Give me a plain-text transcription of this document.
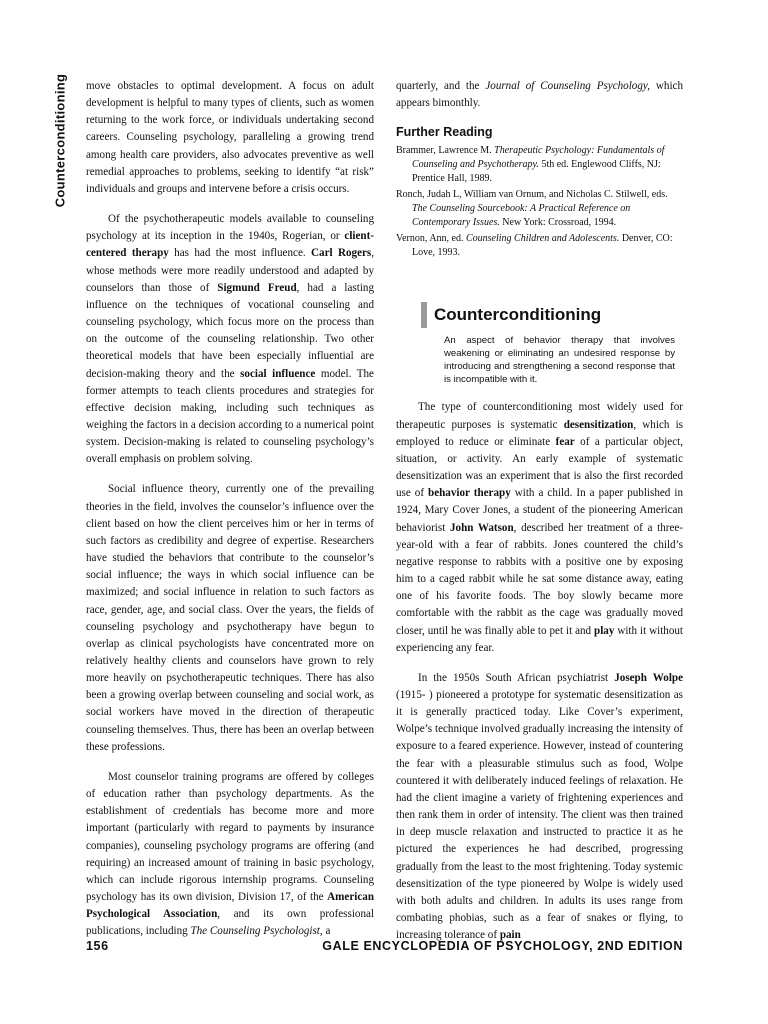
Counterconditioning move obstacles to optimal development. A focus on adult development is helpful to many types of clients, such as women returning to the work force, or individuals undertaking second careers. Counseling psychology, paralleling a growing trend among health care providers, also advocates preventive as well remedial approaches to problems, seeking to identify “at risk” individuals and groups and intervene before a crisis occurs.

Of the psychotherapeutic models available to counseling psychology at its inception in the 1940s, Rogerian, or client-centered therapy has had the most influence. Carl Rogers, whose methods were more readily understood and adapted by counselors than those of Sigmund Freud, had a lasting influence on the techniques of vocational counseling and counseling psychology, which focus more on the process than on the outcome of the counseling relationship. Two other theoretical models that have been especially influential are decision-making theory and the social influence model. The former attempts to teach clients procedures and strategies for effective decision making, including such techniques as weighing the factors in a decision according to a numerical point system. Decision-making is related to counseling psychology’s overall emphasis on problem solving.

Social influence theory, currently one of the prevailing theories in the field, involves the counselor’s influence over the client based on how the client perceives him or her in terms of such factors as credibility and degree of expertise. Researchers have studied the behaviors that contribute to the counselor’s social influence; the ways in which social influence can be maximized; and social influence in relation to such factors as race, gender, age, and social class. Over the years, the fields of counseling psychology and psychotherapy have begun to overlap as clinical psychologists have concentrated more on relatively healthy clients and counselors have grown to rely more heavily on psychotherapeutic techniques. There has also been a growing overlap between counseling and social work, as social workers have moved in the direction of therapeutic counseling themselves. Thus, there has been an overlap between these professions.

Most counselor training programs are offered by colleges of education rather than psychology departments. As the establishment of credentials has become more and more important (particularly with regard to payments by insurance companies), counseling psychology programs are offering (and requiring) an increased amount of training in basic psychology, which can include rigorous internship programs. Counseling psychology has its own division, Division 17, of the American Psychological Association, and its own professional publications, including The Counseling Psychologist, a

quarterly, and the Journal of Counseling Psychology, which appears bimonthly.

Further Reading

Brammer, Lawrence M. Therapeutic Psychology: Fundamentals of Counseling and Psychotherapy. 5th ed. Englewood Cliffs, NJ: Prentice Hall, 1989.

Ronch, Judah L, William van Ornum, and Nicholas C. Stilwell, eds. The Counseling Sourcebook: A Practical Reference on Contemporary Issues. New York: Crossroad, 1994.

Vernon, Ann, ed. Counseling Children and Adolescents. Denver, CO: Love, 1993.

Counterconditioning
An aspect of behavior therapy that involves weakening or eliminating an undesired response by introducing and strengthening a second response that is incompatible with it.

The type of counterconditioning most widely used for therapeutic purposes is systematic desensitization, which is employed to reduce or eliminate fear of a particular object, situation, or activity. An early example of systematic desensitization was an experiment that is also the first recorded use of behavior therapy with a child. In a paper published in 1924, Mary Cover Jones, a student of the pioneering American behaviorist John Watson, described her treatment of a three-year-old with a fear of rabbits. Jones countered the child’s negative response to rabbits with a positive one by exposing him to a caged rabbit while he sat some distance away, eating one of his favorite foods. The boy slowly became more comfortable with the rabbit as the cage was gradually moved closer, until he was finally able to pet it and play with it without experiencing any fear.

In the 1950s South African psychiatrist Joseph Wolpe (1915- ) pioneered a prototype for systematic desensitization as it is generally practiced today. Like Cover’s experiment, Wolpe’s technique involved gradually increasing the intensity of exposure to a feared experience. However, instead of countering the fear with a pleasurable stimulus such as food, Wolpe countered it with deliberately induced feelings of relaxation. He had the client imagine a variety of frightening experiences and then rank them in order of intensity. The client was then trained in deep muscle relaxation and instructed to practice it as he pictured the experiences he had described, progressing gradually from the least to the most frightening. Today systemic desensitization of the type pioneered by Wolpe is widely used with both adults and children. In adults its uses range from combating phobias, such as a fear of snakes or flying, to increasing tolerance of pain

156	GALE ENCYCLOPEDIA OF PSYCHOLOGY, 2ND EDITION
